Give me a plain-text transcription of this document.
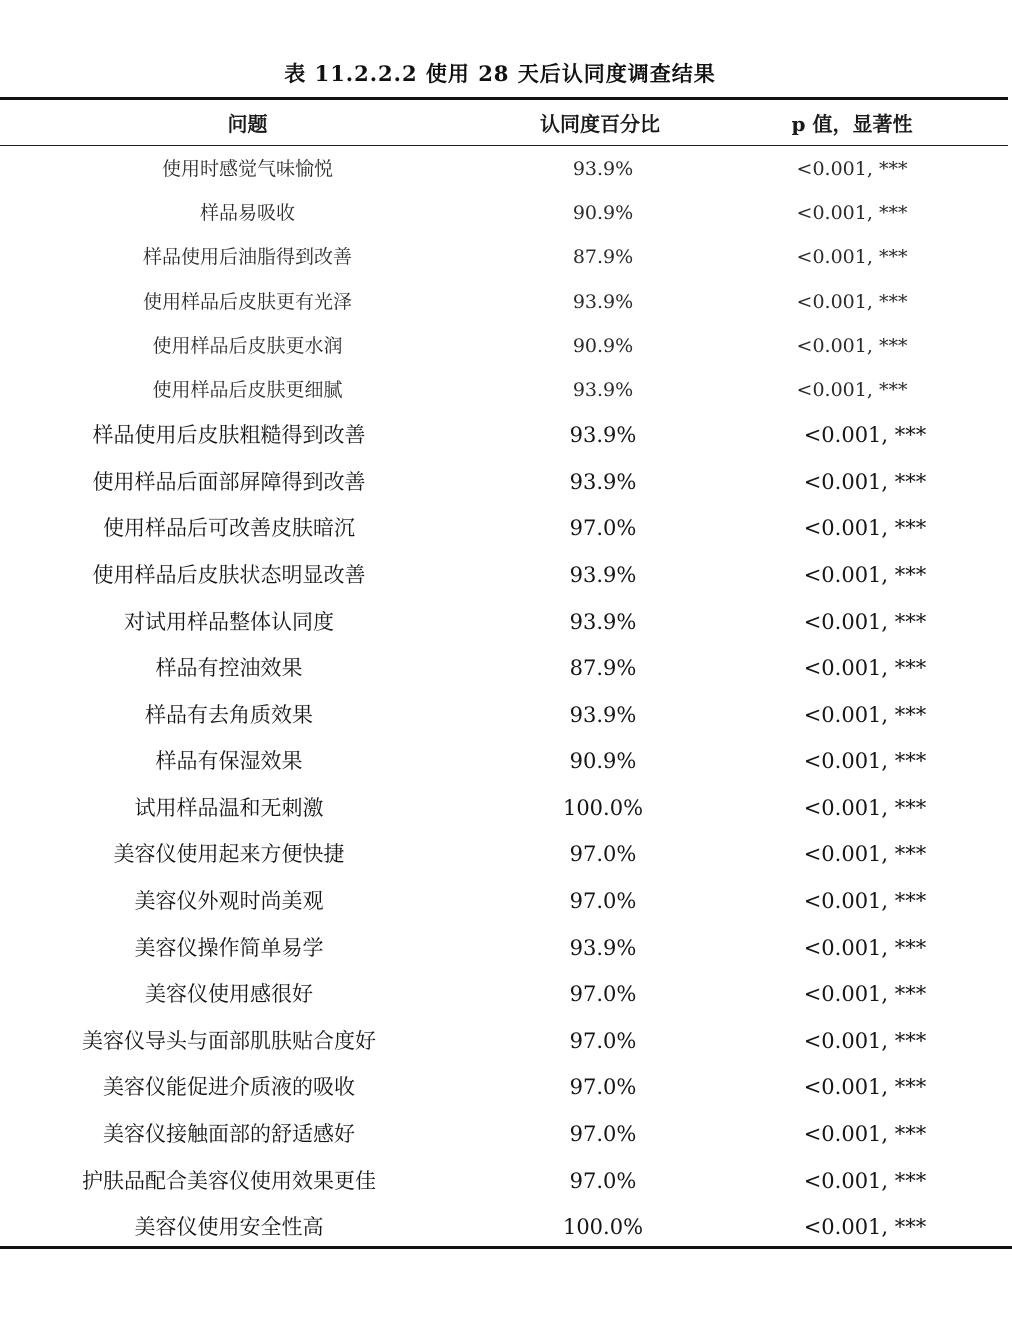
表 11.2.2.2 使用 28 天后认同度调查结果
问题	认同度百分比	p 值，显著性
使用时感觉气味愉悦	93.9%	<0.001, ***
样品易吸收	90.9%	<0.001, ***
样品使用后油脂得到改善	87.9%	<0.001, ***
使用样品后皮肤更有光泽	93.9%	<0.001, ***
使用样品后皮肤更水润	90.9%	<0.001, ***
使用样品后皮肤更细腻	93.9%	<0.001, ***
样品使用后皮肤粗糙得到改善	93.9%	<0.001, ***
使用样品后面部屏障得到改善	93.9%	<0.001, ***
使用样品后可改善皮肤暗沉	97.0%	<0.001, ***
使用样品后皮肤状态明显改善	93.9%	<0.001, ***
对试用样品整体认同度	93.9%	<0.001, ***
样品有控油效果	87.9%	<0.001, ***
样品有去角质效果	93.9%	<0.001, ***
样品有保湿效果	90.9%	<0.001, ***
试用样品温和无刺激	100.0%	<0.001, ***
美容仪使用起来方便快捷	97.0%	<0.001, ***
美容仪外观时尚美观	97.0%	<0.001, ***
美容仪操作简单易学	93.9%	<0.001, ***
美容仪使用感很好	97.0%	<0.001, ***
美容仪导头与面部肌肤贴合度好	97.0%	<0.001, ***
美容仪能促进介质液的吸收	97.0%	<0.001, ***
美容仪接触面部的舒适感好	97.0%	<0.001, ***
护肤品配合美容仪使用效果更佳	97.0%	<0.001, ***
美容仪使用安全性高	100.0%	<0.001, ***
